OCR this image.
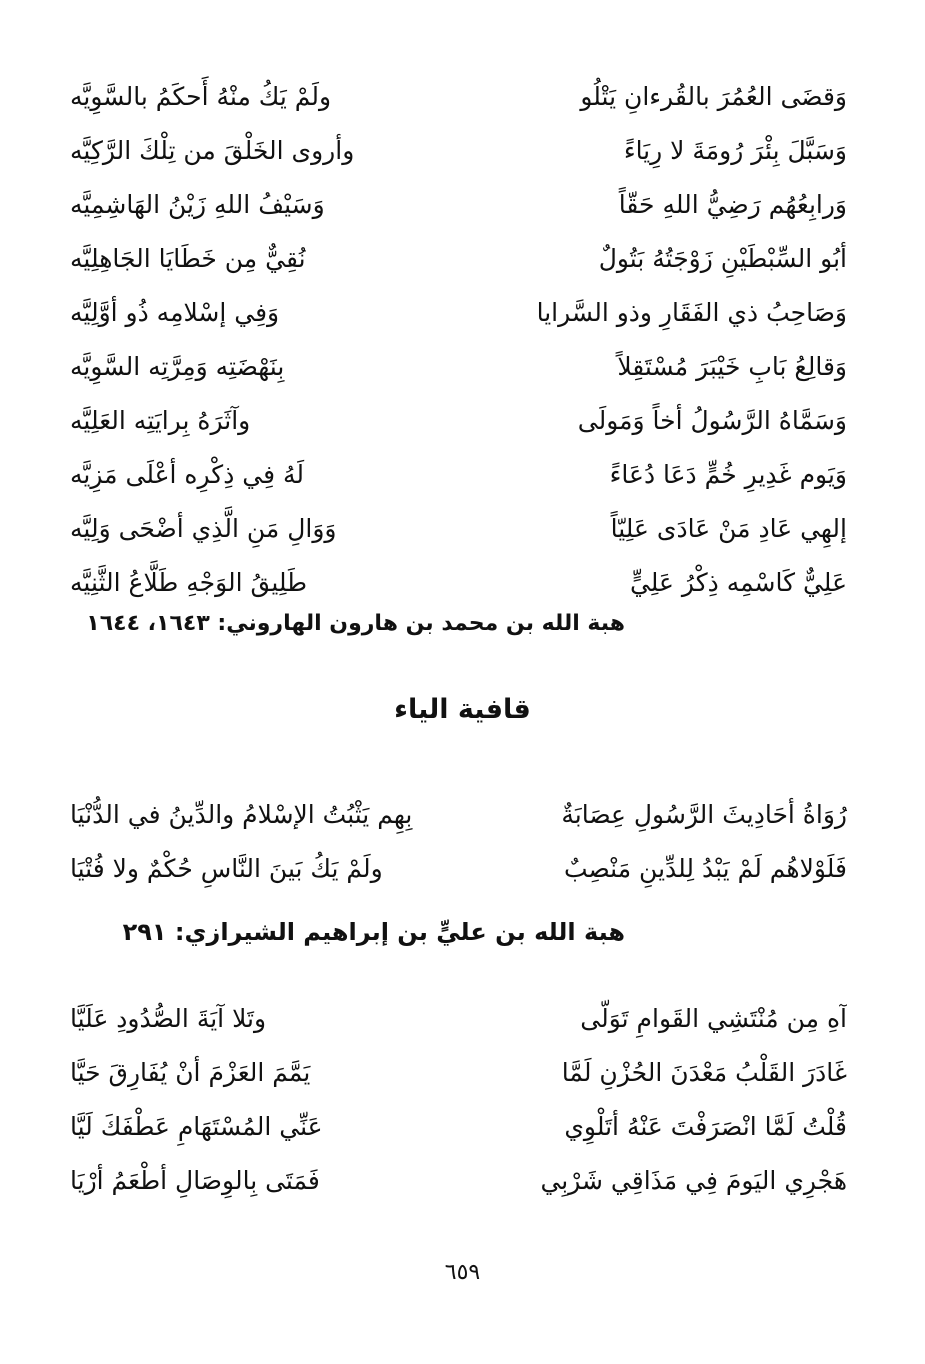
وَقضَى العُمُرَ بالقُرءانِ يَتْلُو
ولَمْ يَكُ منْهُ أَحكَمُ بالسَّوِيَّه
وَسَبَّلَ بِئْرَ رُومَةَ لا رِيَاءً
وأروى الخَلْقَ من تِلْكَ الرَّكِيَّه
وَرابِعُهُم رَضِيُّ اللهِ حَقّاً
وَسَيْفُ اللهِ زَيْنُ الهَاشِمِيَّه
أبُو السِّبْطَيْنِ زَوْجَتُهُ بَتُولٌ
نُقِيٌّ مِن خَطَايَا الجَاهِلِيَّه
وَصَاحِبُ ذي الفَقَارِ وذو السَّرايا
وَفِي إسْلامِه ذُو أوَّلِيَّه
وَقالِعُ بَابِ خَيْبَرَ مُسْتَقِلاً
بِنَهْضَتِه وَمِرَّتِه السَّوِيَّه
وَسَمَّاهُ الرَّسُولُ أخاً وَمَولَى
وآثَرَهُ بِرايَتِه العَلِيَّه
وَيَوم غَدِيرِ خُمٍّ دَعَا دُعَاءً
لَهُ فِي ذِكْرِه أعْلَى مَزِيَّه
إلهِي عَادِ مَنْ عَادَى عَلِيّاً
وَوَالِ مَنِ الَّذِي أضْحَى وَلِيَّه
عَلِيٌّ كَاسْمِه ذِكْرُ عَلِيٍّ
طَلِيقُ الوَجْهِ طَلَّاعُ الثَّنِيَّه
هبة الله بن محمد بن هارون الهاروني: ١٦٤٣، ١٦٤٤
قافية الياء
رُوَاةُ أحَادِيثَ الرَّسُولِ عِصَابَةٌ
بِهِم يَثْبُتُ الإسْلامُ والدِّينُ في الدُّنْيَا
فَلَوْلاهُم لَمْ يَبْدُ لِلدِّينِ مَنْصِبٌ
ولَمْ يَكُ بَينَ النَّاسِ حُكْمٌ ولا فُتْيَا
هبة الله بن عليٍّ بن إبراهيم الشيرازي: ٢٩١
آهِ مِن مُنْتَشِي القَوامِ تَوَلّى
وتَلا آيَةَ الصُّدُودِ عَلَيَّا
غَادَرَ القَلْبُ مَعْدَنَ الحُزْنِ لَمَّا
يَمَّمَ العَزْمَ أنْ يُفَارِقَ حَيَّا
قُلْتُ لَمَّا انْصَرَفْتَ عَنْهُ أتَلْوِي
عَنِّي المُسْتَهَامِ عَطْفَكَ لَيَّا
هَجْرِي اليَومَ فِي مَذَاقِي شَرْبِي
فَمَتَى بِالوِصَالِ أطْعَمُ أرْيَا
٦٥٩
